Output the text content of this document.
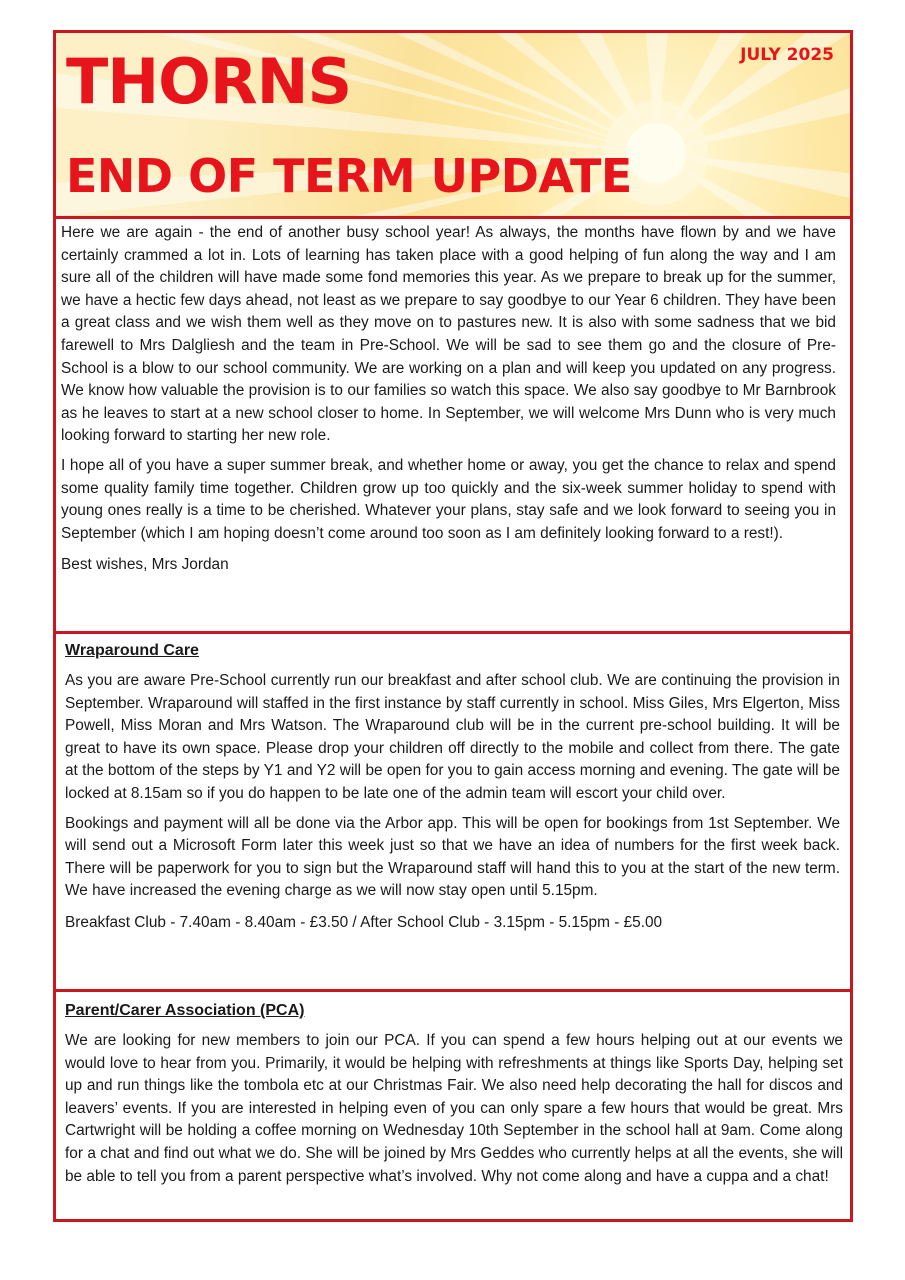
THORNS
END OF TERM UPDATE
JULY 2025

Here we are again - the end of another busy school year! As always, the months have flown by and we have certainly crammed a lot in. Lots of learning has taken place with a good helping of fun along the way and I am sure all of the children will have made some fond memories this year. As we prepare to break up for the summer, we have a hectic few days ahead, not least as we prepare to say goodbye to our Year 6 children. They have been a great class and we wish them well as they move on to pastures new. It is also with some sadness that we bid farewell to Mrs Dalgliesh and the team in Pre-School. We will be sad to see them go and the closure of Pre-School is a blow to our school community. We are working on a plan and will keep you updated on any progress. We know how valuable the provision is to our families so watch this space. We also say goodbye to Mr Barnbrook as he leaves to start at a new school closer to home. In September, we will welcome Mrs Dunn who is very much looking forward to starting her new role.

I hope all of you have a super summer break, and whether home or away, you get the chance to relax and spend some quality family time together. Children grow up too quickly and the six-week summer holiday to spend with young ones really is a time to be cherished. Whatever your plans, stay safe and we look forward to seeing you in September (which I am hoping doesn’t come around too soon as I am definitely looking forward to a rest!).

Best wishes, Mrs Jordan

Wraparound Care

As you are aware Pre-School currently run our breakfast and after school club. We are continuing the provision in September. Wraparound will staffed in the first instance by staff currently in school. Miss Giles, Mrs Elgerton, Miss Powell, Miss Moran and Mrs Watson. The Wraparound club will be in the current pre-school building. It will be great to have its own space. Please drop your children off directly to the mobile and collect from there. The gate at the bottom of the steps by Y1 and Y2 will be open for you to gain access morning and evening. The gate will be locked at 8.15am so if you do happen to be late one of the admin team will escort your child over.

Bookings and payment will all be done via the Arbor app. This will be open for bookings from 1st September. We will send out a Microsoft Form later this week just so that we have an idea of numbers for the first week back. There will be paperwork for you to sign but the Wraparound staff will hand this to you at the start of the new term. We have increased the evening charge as we will now stay open until 5.15pm.

Breakfast Club - 7.40am - 8.40am - £3.50 / After School Club - 3.15pm - 5.15pm - £5.00

Parent/Carer Association (PCA)

We are looking for new members to join our PCA. If you can spend a few hours helping out at our events we would love to hear from you. Primarily, it would be helping with refreshments at things like Sports Day, helping set up and run things like the tombola etc at our Christmas Fair. We also need help decorating the hall for discos and leavers’ events. If you are interested in helping even of you can only spare a few hours that would be great. Mrs Cartwright will be holding a coffee morning on Wednesday 10th September in the school hall at 9am. Come along for a chat and find out what we do. She will be joined by Mrs Geddes who currently helps at all the events, she will be able to tell you from a parent perspective what’s involved. Why not come along and have a cuppa and a chat!
